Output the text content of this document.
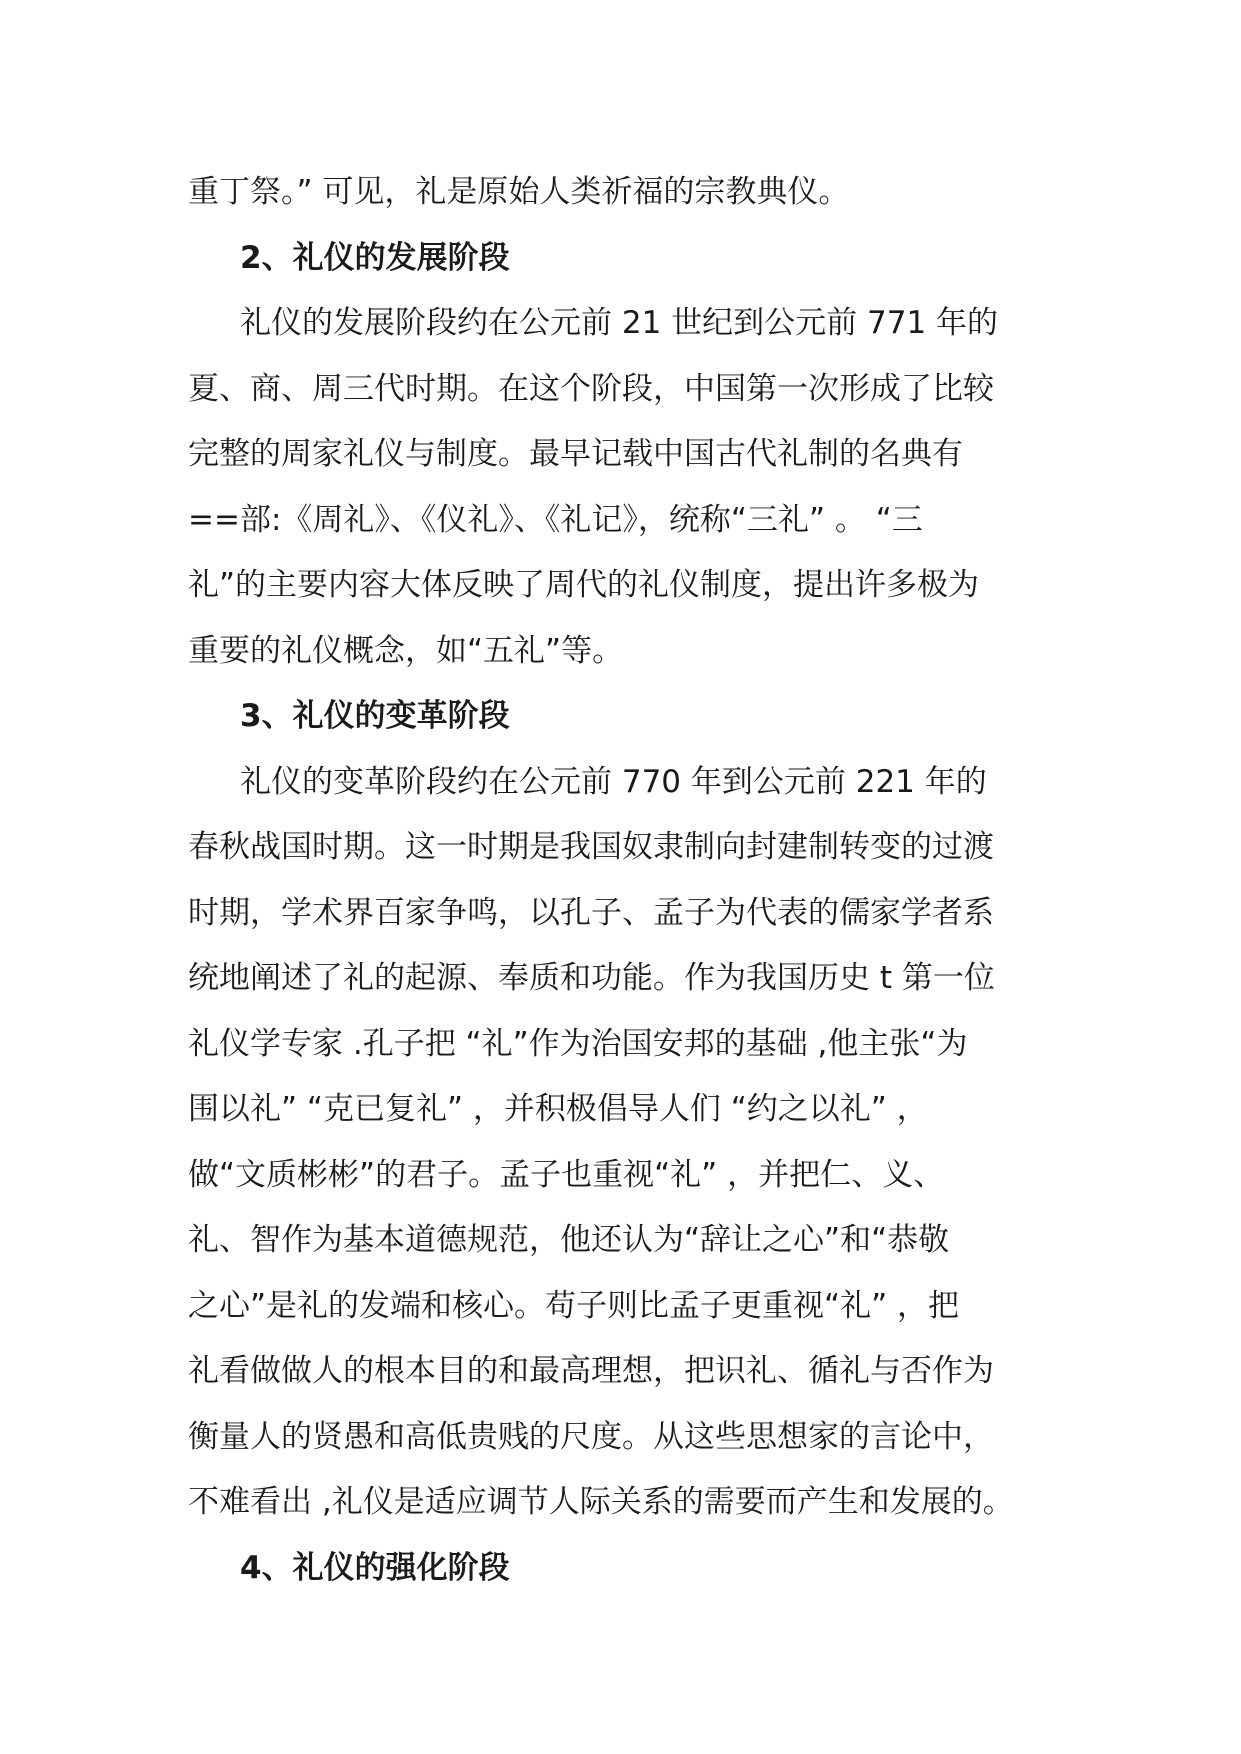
重丁祭。” 可见，礼是原始人类祈福的宗教典仪。
2、礼仪的发展阶段
礼仪的发展阶段约在公元前 21 世纪到公元前 771 年的
夏、商、周三代时期。在这个阶段，中国第一次形成了比较
完整的周家礼仪与制度。最早记载中国古代礼制的名典有
==部:《周礼》、《仪礼》、《礼记》，统称“三礼” 。 “三
礼”的主要内容大体反映了周代的礼仪制度，提出许多极为
重要的礼仪概念，如“五礼”等。
3、礼仪的变革阶段
礼仪的变革阶段约在公元前 770 年到公元前 221 年的
春秋战国时期。这一时期是我国奴隶制向封建制转变的过渡
时期，学术界百家争鸣，以孔子、孟子为代表的儒家学者系
统地阐述了礼的起源、奉质和功能。作为我国历史 t 第一位
礼仪学专家 .孔子把 “礼”作为治国安邦的基础 ,他主张“为
围以礼” “克已复礼” ，并积极倡导人们 “约之以礼” ，
做“文质彬彬”的君子。孟子也重视“礼” ，并把仁、义、
礼、智作为基本道德规范，他还认为“辞让之心”和“恭敬
之心”是礼的发端和核心。苟子则比孟子更重视“礼” ，把
礼看做做人的根本目的和最高理想，把识礼、循礼与否作为
衡量人的贤愚和高低贵贱的尺度。从这些思想家的言论中，
不难看出 ,礼仪是适应调节人际关系的需要而产生和发展的。
4、礼仪的强化阶段
